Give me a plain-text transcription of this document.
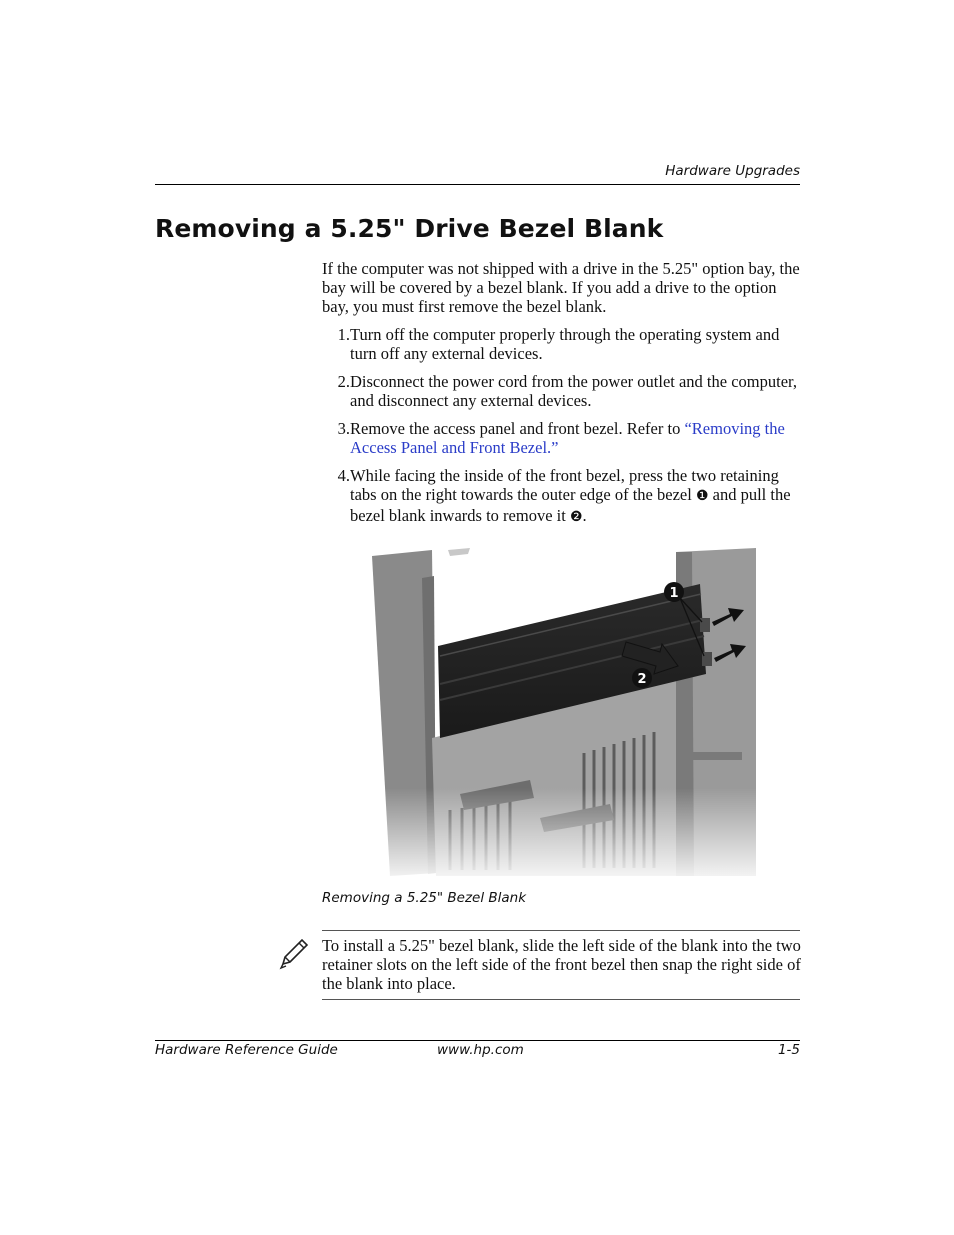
Hardware Upgrades
Removing a 5.25" Drive Bezel Blank

If the computer was not shipped with a drive in the 5.25" option bay, the bay will be covered by a bezel blank. If you add a drive to the option bay, you must first remove the bezel blank.

1. Turn off the computer properly through the operating system and turn off any external devices.
2. Disconnect the power cord from the power outlet and the computer, and disconnect any external devices.
3. Remove the access panel and front bezel. Refer to “Removing the Access Panel and Front Bezel.”
4. While facing the inside of the front bezel, press the two retaining tabs on the right towards the outer edge of the bezel ❶ and pull the bezel blank inwards to remove it ❷.
1
2
Removing a 5.25" Bezel Blank

To install a 5.25" bezel blank, slide the left side of the blank into the two retainer slots on the left side of the front bezel then snap the right side of the blank into place.

Hardware Reference Guide	www.hp.com	1-5
